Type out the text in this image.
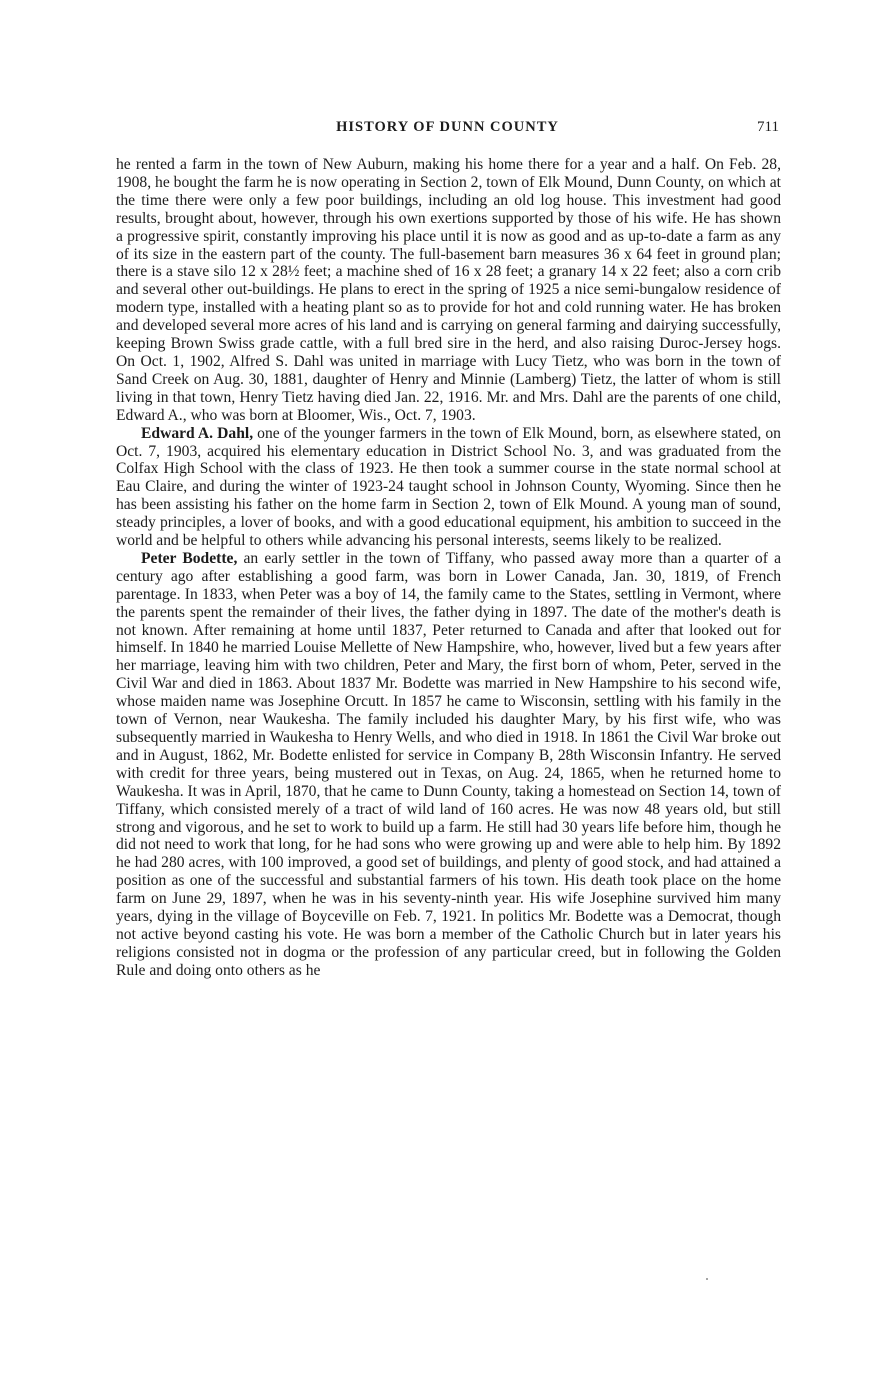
HISTORY OF DUNN COUNTY	711

he rented a farm in the town of New Auburn, making his home there for a year and a half. On Feb. 28, 1908, he bought the farm he is now operating in Section 2, town of Elk Mound, Dunn County, on which at the time there were only a few poor buildings, including an old log house. This investment had good results, brought about, however, through his own exertions supported by those of his wife. He has shown a progressive spirit, constantly improving his place until it is now as good and as up-to-date a farm as any of its size in the eastern part of the county. The full-basement barn measures 36 x 64 feet in ground plan; there is a stave silo 12 x 28½ feet; a machine shed of 16 x 28 feet; a granary 14 x 22 feet; also a corn crib and several other out-buildings. He plans to erect in the spring of 1925 a nice semi-bungalow residence of modern type, installed with a heating plant so as to provide for hot and cold running water. He has broken and developed several more acres of his land and is carrying on general farming and dairying successfully, keeping Brown Swiss grade cattle, with a full bred sire in the herd, and also raising Duroc-Jersey hogs. On Oct. 1, 1902, Alfred S. Dahl was united in marriage with Lucy Tietz, who was born in the town of Sand Creek on Aug. 30, 1881, daughter of Henry and Minnie (Lamberg) Tietz, the latter of whom is still living in that town, Henry Tietz having died Jan. 22, 1916. Mr. and Mrs. Dahl are the parents of one child, Edward A., who was born at Bloomer, Wis., Oct. 7, 1903.

Edward A. Dahl, one of the younger farmers in the town of Elk Mound, born, as elsewhere stated, on Oct. 7, 1903, acquired his elementary education in District School No. 3, and was graduated from the Colfax High School with the class of 1923. He then took a summer course in the state normal school at Eau Claire, and during the winter of 1923-24 taught school in Johnson County, Wyoming. Since then he has been assisting his father on the home farm in Section 2, town of Elk Mound. A young man of sound, steady principles, a lover of books, and with a good educational equipment, his ambition to succeed in the world and be helpful to others while advancing his personal interests, seems likely to be realized.

Peter Bodette, an early settler in the town of Tiffany, who passed away more than a quarter of a century ago after establishing a good farm, was born in Lower Canada, Jan. 30, 1819, of French parentage. In 1833, when Peter was a boy of 14, the family came to the States, settling in Vermont, where the parents spent the remainder of their lives, the father dying in 1897. The date of the mother's death is not known. After remaining at home until 1837, Peter returned to Canada and after that looked out for himself. In 1840 he married Louise Mellette of New Hampshire, who, however, lived but a few years after her marriage, leaving him with two children, Peter and Mary, the first born of whom, Peter, served in the Civil War and died in 1863. About 1837 Mr. Bodette was married in New Hampshire to his second wife, whose maiden name was Josephine Orcutt. In 1857 he came to Wisconsin, settling with his family in the town of Vernon, near Waukesha. The family included his daughter Mary, by his first wife, who was subsequently married in Waukesha to Henry Wells, and who died in 1918. In 1861 the Civil War broke out and in August, 1862, Mr. Bodette enlisted for service in Company B, 28th Wisconsin Infantry. He served with credit for three years, being mustered out in Texas, on Aug. 24, 1865, when he returned home to Waukesha. It was in April, 1870, that he came to Dunn County, taking a homestead on Section 14, town of Tiffany, which consisted merely of a tract of wild land of 160 acres. He was now 48 years old, but still strong and vigorous, and he set to work to build up a farm. He still had 30 years life before him, though he did not need to work that long, for he had sons who were growing up and were able to help him. By 1892 he had 280 acres, with 100 improved, a good set of buildings, and plenty of good stock, and had attained a position as one of the successful and substantial farmers of his town. His death took place on the home farm on June 29, 1897, when he was in his seventy-ninth year. His wife Josephine survived him many years, dying in the village of Boyceville on Feb. 7, 1921. In politics Mr. Bodette was a Democrat, though not active beyond casting his vote. He was born a member of the Catholic Church but in later years his religions consisted not in dogma or the profession of any particular creed, but in following the Golden Rule and doing onto others as he
